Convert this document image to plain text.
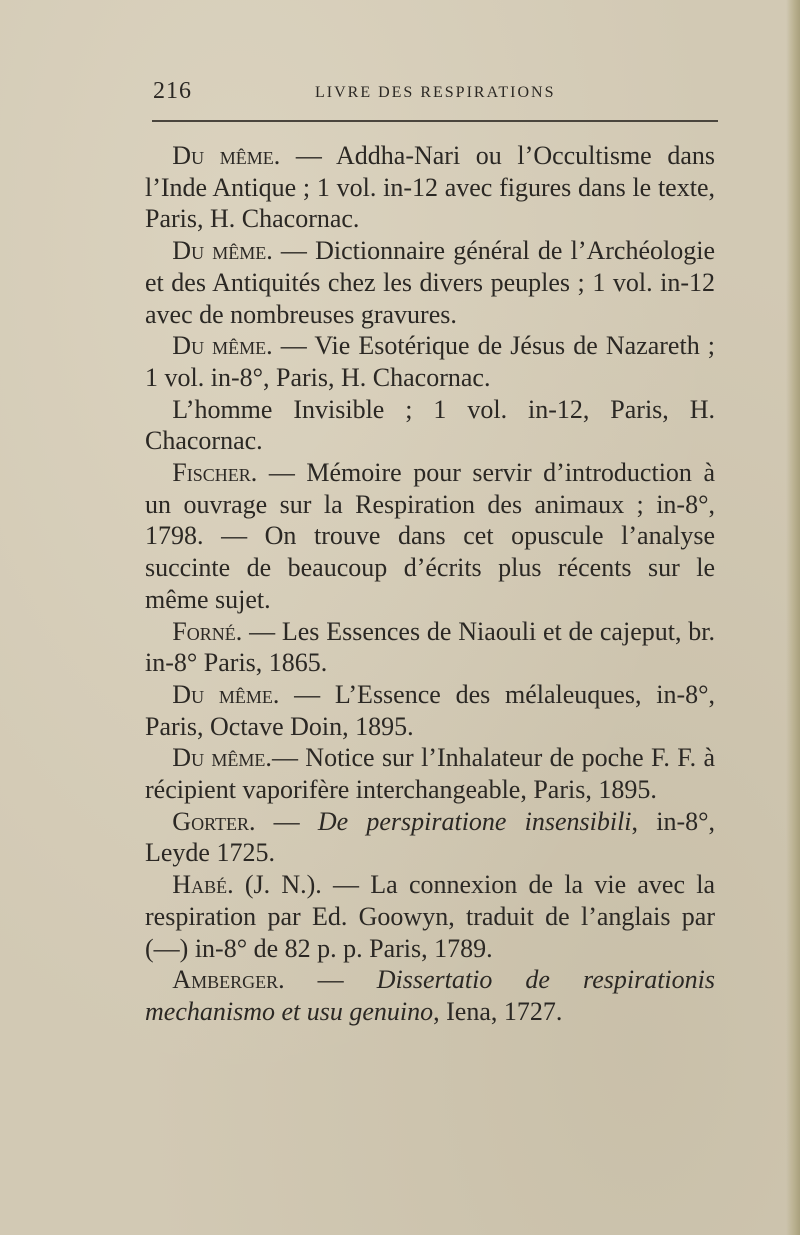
216	LIVRE DES RESPIRATIONS

Du même. — Addha-Nari ou l’Occultisme dans l’Inde Antique ; 1 vol. in-12 avec figures dans le texte, Paris, H. Chacornac.

Du même. — Dictionnaire général de l’Archéologie et des Antiquités chez les divers peuples ; 1 vol. in-12 avec de nombreuses gravures.

Du même. — Vie Esotérique de Jésus de Nazareth ; 1 vol. in-8°, Paris, H. Chacornac.

L’homme Invisible ; 1 vol. in-12, Paris, H. Chacornac.

Fischer. — Mémoire pour servir d’introduction à un ouvrage sur la Respiration des animaux ; in-8°, 1798. — On trouve dans cet opuscule l’analyse succinte de beaucoup d’écrits plus récents sur le même sujet.

Forné. — Les Essences de Niaouli et de cajeput, br. in-8° Paris, 1865.

Du même. — L’Essence des mélaleuques, in-8°, Paris, Octave Doin, 1895.

Du même.— Notice sur l’Inhalateur de poche F. F. à récipient vaporifère interchangeable, Paris, 1895.

Gorter. — De perspiratione insensibili, in-8°, Leyde 1725.

Habé. (J. N.). — La connexion de la vie avec la respiration par Ed. Goowyn, traduit de l’anglais par (—) in-8° de 82 p. p. Paris, 1789.

Amberger. — Dissertatio de respirationis mechanismo et usu genuino, Iena, 1727.
